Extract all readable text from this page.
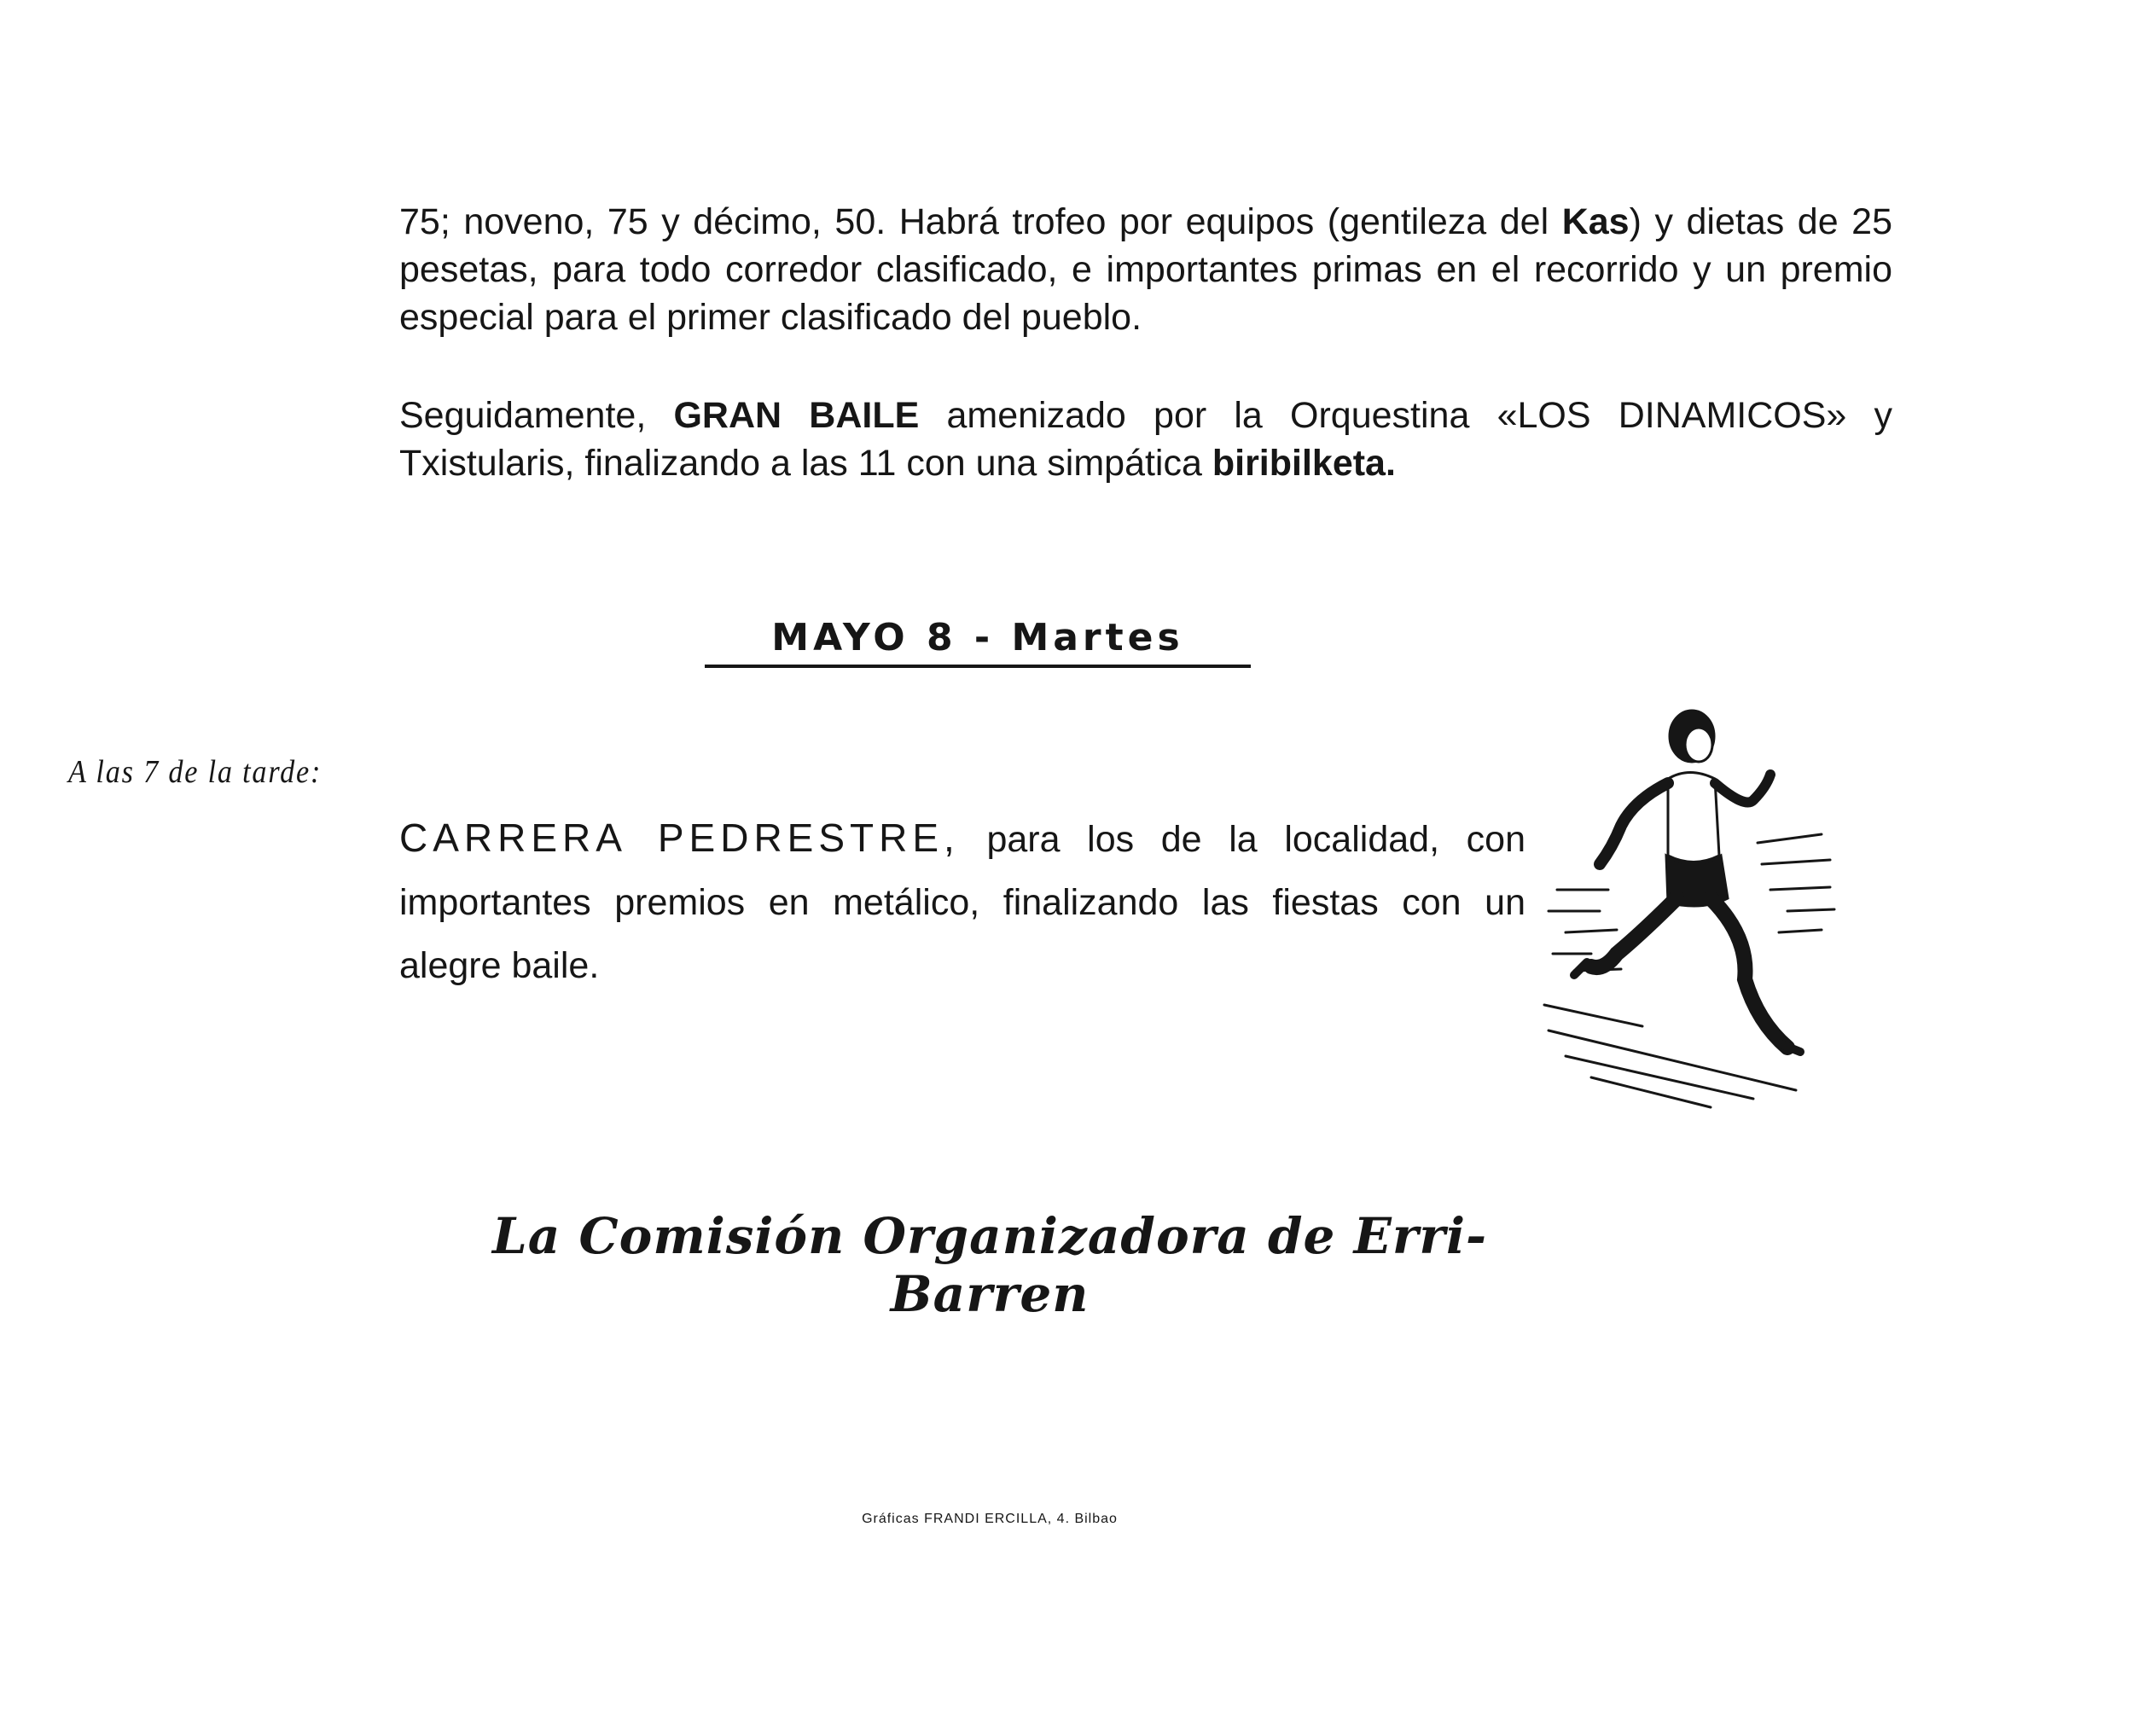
75; noveno, 75 y décimo, 50. Habrá trofeo por equipos (gentileza del Kas) y dietas de 25 pesetas, para todo corredor clasificado, e importantes primas en el recorrido y un premio especial para el primer clasificado del pueblo.
Seguidamente, GRAN BAILE amenizado por la Orquestina «LOS DINAMICOS» y Txistularis, finalizando a las 11 con una simpática biribilketa.
MAYO 8 - Martes
A las 7 de la tarde:
CARRERA PEDRESTRE, para los de la localidad, con importantes premios en metálico, finalizando las fiestas con un alegre baile.
La Comisión Organizadora de Erri-Barren
Gráficas FRANDI ERCILLA, 4. Bilbao
